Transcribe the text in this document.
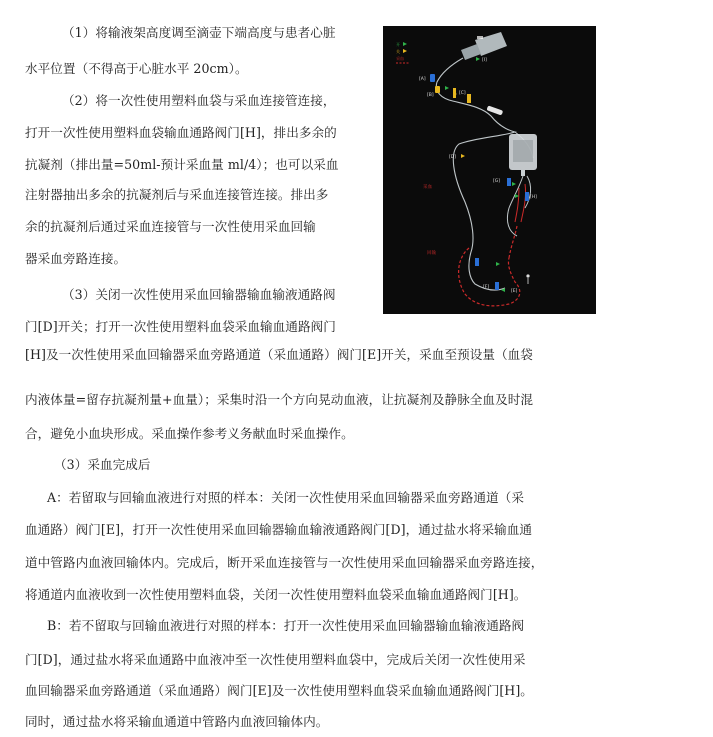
（1）将输液架高度调至滴壶下端高度与患者心脏
水平位置（不得高于心脏水平 20cm）。
（2）将一次性使用塑料血袋与采血连接管连接，
打开一次性使用塑料血袋输血通路阀门[H]，排出多余的
抗凝剂（排出量=50ml-预计采血量 ml/4）；也可以采血
注射器抽出多余的抗凝剂后与采血连接管连接。排出多
余的抗凝剂后通过采血连接管与一次性使用采血回输
器采血旁路连接。
（3）关闭一次性使用采血回输器输血输液通路阀
门[D]开关；打开一次性使用塑料血袋采血输血通路阀门
[H]及一次性使用采血回输器采血旁路通道（采血通路）阀门[E]开关，采血至预设量（血袋
内液体量=留存抗凝剂量+血量）；采集时沿一个方向晃动血液，让抗凝剂及静脉全血及时混
合，避免小血块形成。采血操作参考义务献血时采血操作。
（3）采血完成后
A：若留取与回输血液进行对照的样本：关闭一次性使用采血回输器采血旁路通道（采
血通路）阀门[E]，打开一次性使用采血回输器输血输液通路阀门[D]，通过盐水将采输血通
道中管路内血液回输体内。完成后，断开采血连接管与一次性使用采血回输器采血旁路连接，
将通道内血液收到一次性使用塑料血袋，关闭一次性使用塑料血袋采血输血通路阀门[H]。
B：若不留取与回输血液进行对照的样本：打开一次性使用采血回输器输血输液通路阀
门[D]，通过盐水将采血通路中血液冲至一次性使用塑料血袋中，完成后关闭一次性使用采
血回输器采血旁路通道（采血通路）阀门[E]及一次性使用塑料血袋采血输血通路阀门[H]。
同时，通过盐水将采输血通道中管路内血液回输体内。
开
关
采血	[I]
[A]
[B]	[C]
[D]
[G]
[H]
采血
回输
[F]
[E]
